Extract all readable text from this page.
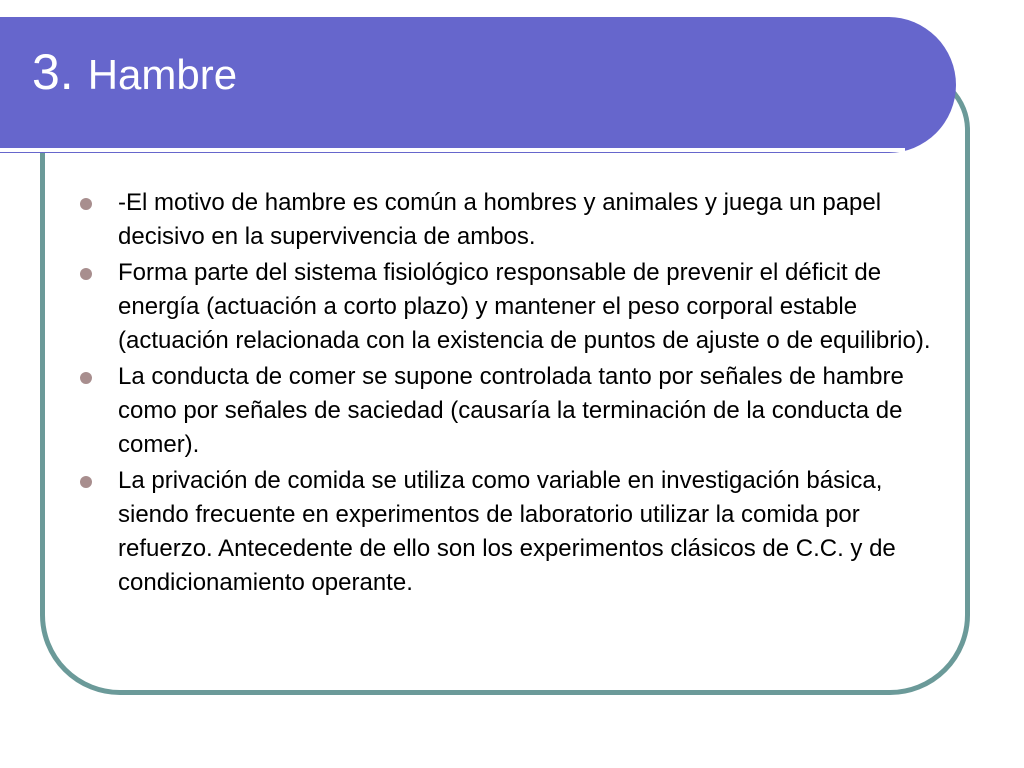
3. Hambre
-El motivo de hambre es común a hombres y animales y juega un papel decisivo en la supervivencia de ambos.
Forma parte del sistema fisiológico responsable de prevenir el déficit de energía (actuación a corto plazo) y mantener el peso corporal estable (actuación relacionada con la existencia de puntos de ajuste o de equilibrio).
La conducta de comer se supone controlada tanto por señales de hambre como por señales de saciedad (causaría la terminación de la conducta de comer).
La privación de comida se utiliza como variable en investigación básica, siendo frecuente en experimentos de laboratorio utilizar la comida por refuerzo. Antecedente de ello son los experimentos clásicos de C.C. y de condicionamiento operante.
